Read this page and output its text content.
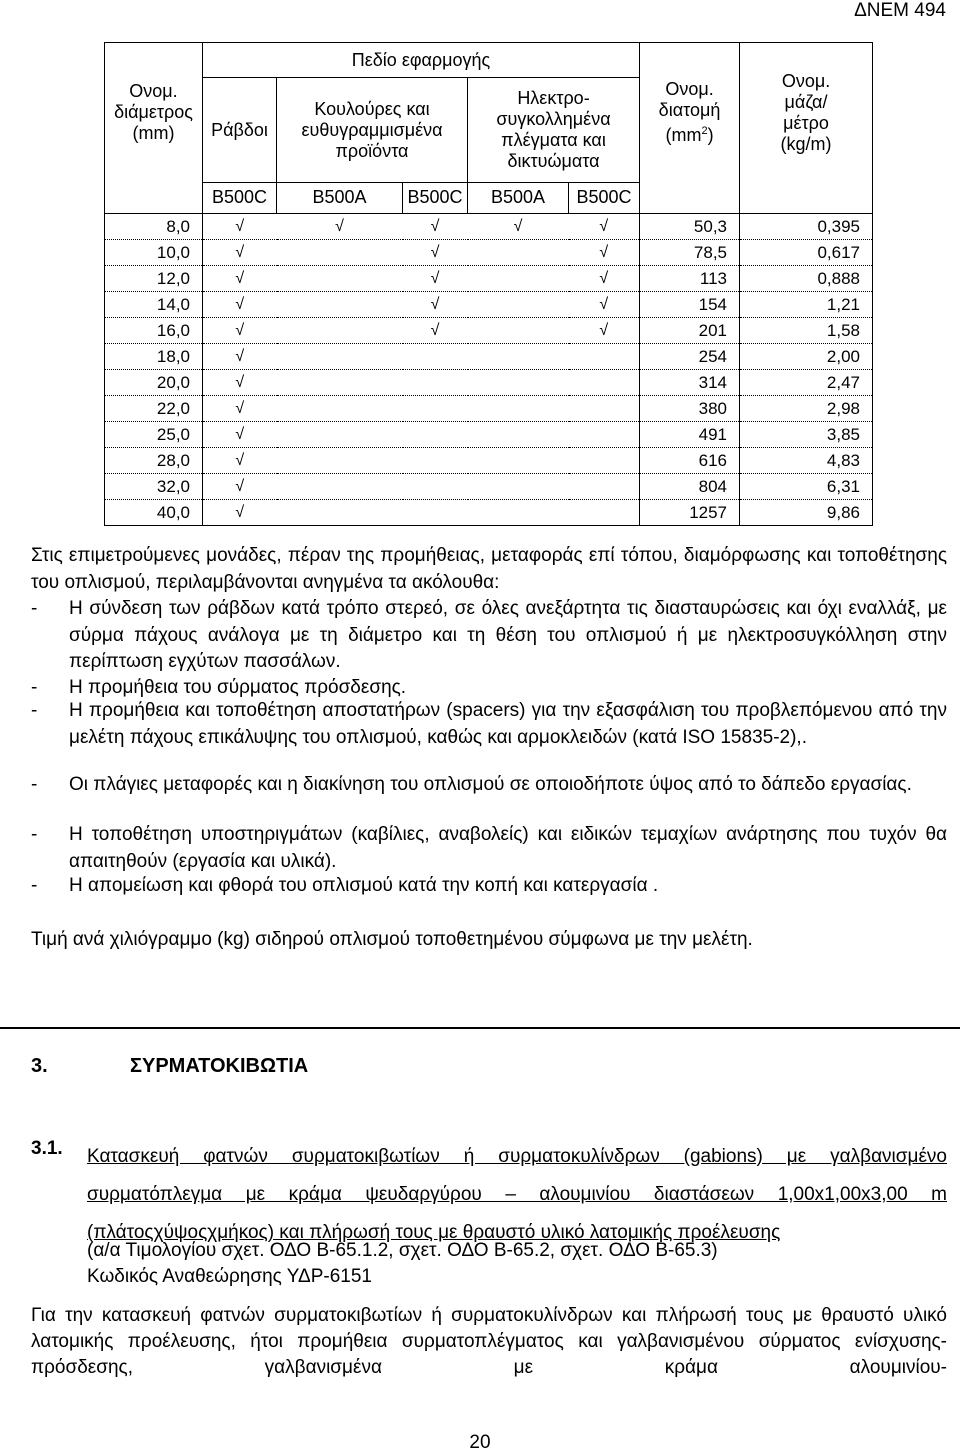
ΔΝΕΜ 494
Ονομ.
διάμετρος
(mm)	Πεδίο εφαρμογής					Ονομ.
διατομή
$(mm^2)$	Ονομ.
μάζα/
μέτρο
(kg/m)
	Ράβδοι	Κουλούρες και
ευθυγραμμισμένα
προϊόντα		Ηλεκτρο-
συγκολλημένα
πλέγματα και
δικτυώματα			
	B500C	B500A	B500C	B500A	B500C		
8,0	√	√	√	√	√	50,3	0,395
10,0	√		√		√	78,5	0,617
12,0	√		√		√	113	0,888
14,0	√		√		√	154	1,21
16,0	√		√		√	201	1,58
18,0	√					254	2,00
20,0	√					314	2,47
22,0	√					380	2,98
25,0	√					491	3,85
28,0	√					616	4,83
32,0	√					804	6,31
40,0	√					1257	9,86
Στις επιμετρούμενες μονάδες, πέραν της προμήθειας, μεταφοράς επί τόπου, διαμόρφωσης και τοποθέτησης του οπλισμού, περιλαμβάνονται ανηγμένα τα ακόλουθα:
- Η σύνδεση των ράβδων κατά τρόπο στερεό, σε όλες ανεξάρτητα τις διασταυρώσεις και όχι εναλλάξ, με σύρμα πάχους ανάλογα με τη διάμετρο και τη θέση του οπλισμού ή με ηλεκτροσυγκόλληση στην περίπτωση εγχύτων πασσάλων.
- Η προμήθεια του σύρματος πρόσδεσης.
- Η προμήθεια και τοποθέτηση αποστατήρων (spacers) για την εξασφάλιση του προβλεπόμενου από την μελέτη πάχους επικάλυψης του οπλισμού, καθώς και αρμοκλειδών (κατά ISO 15835-2),.
- Οι πλάγιες μεταφορές και η διακίνηση του οπλισμού σε οποιοδήποτε ύψος από το δάπεδο εργασίας.
- Η τοποθέτηση υποστηριγμάτων (καβίλιες, αναβολείς) και ειδικών τεμαχίων ανάρτησης που τυχόν θα απαιτηθούν (εργασία και υλικά).
- Η απομείωση και φθορά του οπλισμού κατά την κοπή και κατεργασία .
Τιμή ανά χιλιόγραμμο (kg) σιδηρού οπλισμού τοποθετημένου σύμφωνα με την μελέτη.
3.	ΣΥΡΜΑΤΟΚΙΒΩΤΙΑ
3.1. Κατασκευή φατνών συρματοκιβωτίων ή συρματοκυλίνδρων (gabions) με γαλβανισμένο
συρματόπλεγμα με κράμα ψευδαργύρου – αλουμινίου διαστάσεων 1,00x1,00x3,00 m
(πλάτοςχύψοςχμήκος) και πλήρωσή τους με θραυστό υλικό λατομικής προέλευσης
(α/α Τιμολογίου σχετ. ΟΔΟ Β-65.1.2, σχετ. ΟΔΟ Β-65.2, σχετ. ΟΔΟ Β-65.3)
Κωδικός Αναθεώρησης ΥΔΡ-6151
Για την κατασκευή φατνών συρματοκιβωτίων ή συρματοκυλίνδρων και πλήρωσή τους με θραυστό υλικό λατομικής προέλευσης, ήτοι προμήθεια συρματοπλέγματος και γαλβανισμένου σύρματος ενίσχυσης-πρόσδεσης, γαλβανισμένα με κράμα αλουμινίου-
20
